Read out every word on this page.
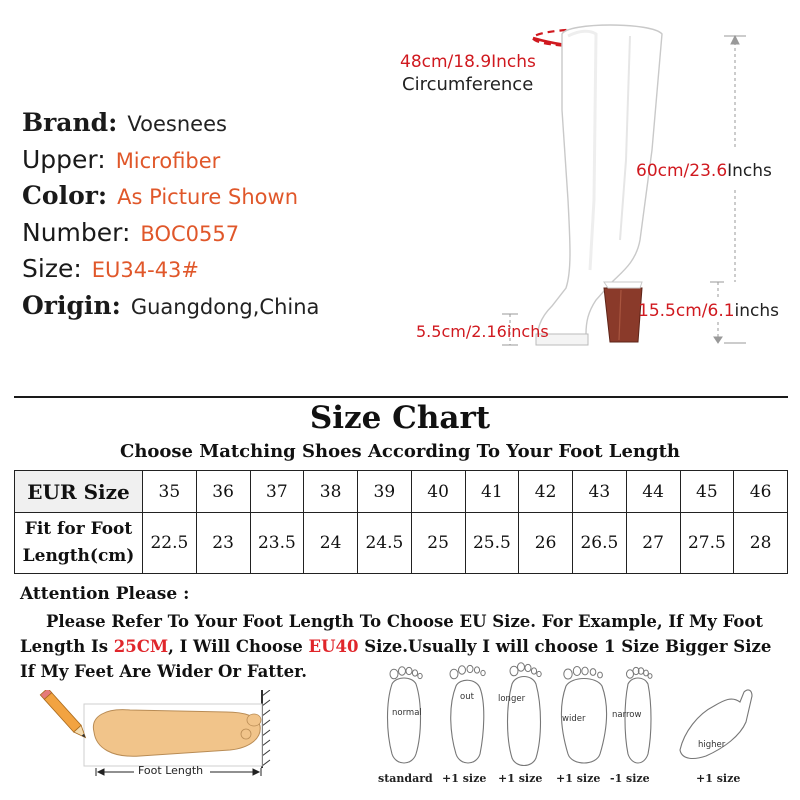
Brand: Voesnees
Upper: Microfiber
Color: As Picture Shown
Number: BOC0557
Size: EU34-43#
Origin: Guangdong,China
48cm/18.9Inchs
Circumference
60cm/23.6Inchs
15.5cm/6.1inchs
5.5cm/2.16inchs
Size Chart
Choose Matching Shoes According To Your Foot Length
EUR Size	35	36	37	38	39	40	41	42	43	44	45	46

Fit for Foot
Length(cm)	22.5	23	23.5	24	24.5	25	25.5	26	26.5	27	27.5	28
Attention Please :
Please Refer To Your Foot Length To Choose EU Size. For Example, If My Foot Length Is 25CM, I Will Choose EU40 Size.Usually I will choose 1 Size Bigger Size If My Feet Are Wider Or Fatter.
Foot Length
normal
standard
out
+1 size
longer
+1 size
wider
+1 size
narrow
-1 size
higher
+1 size
